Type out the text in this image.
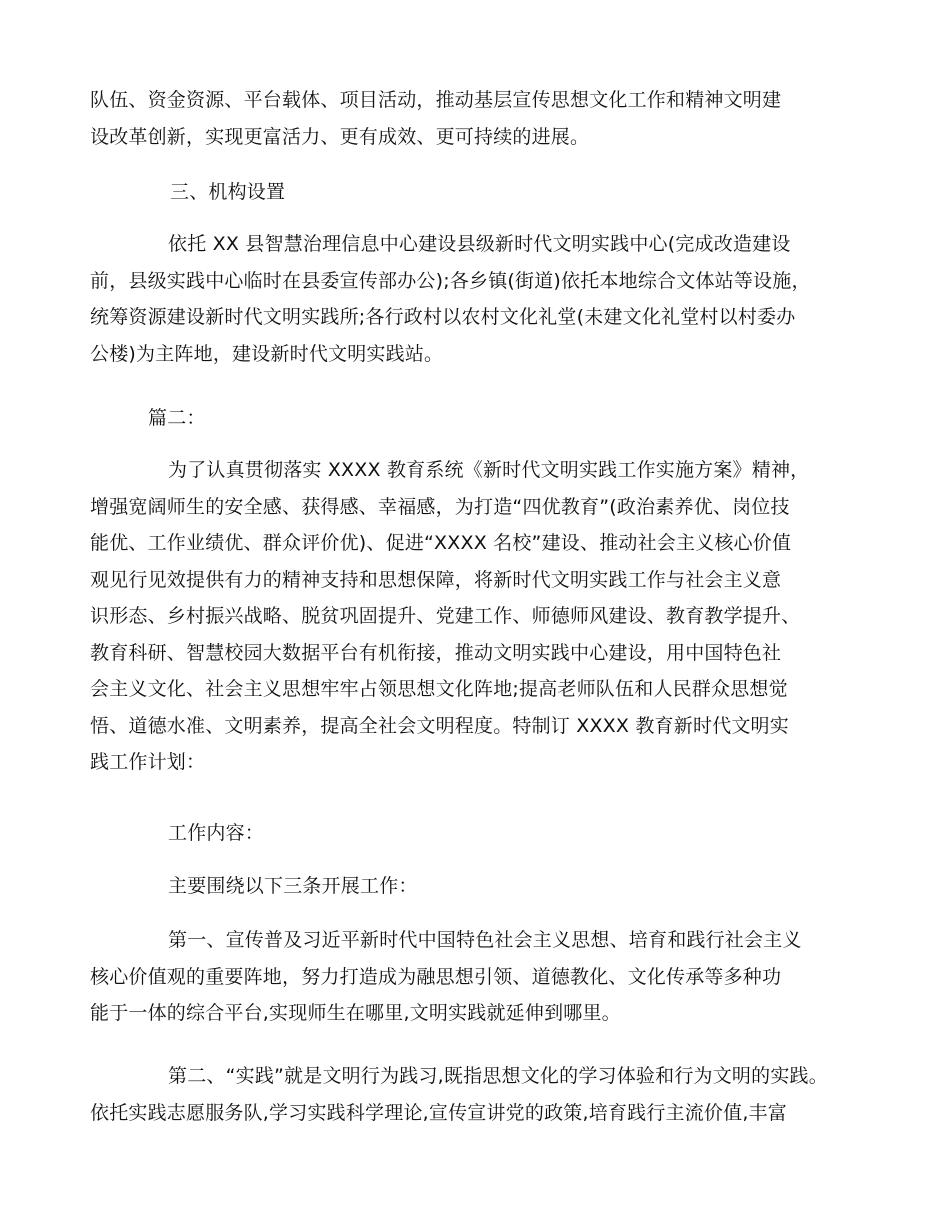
队伍、资金资源、平台载体、项目活动，推动基层宣传思想文化工作和精神文明建
设改革创新，实现更富活力、更有成效、更可持续的进展。
三、机构设置
依托 XX 县智慧治理信息中心建设县级新时代文明实践中心(完成改造建设
前，县级实践中心临时在县委宣传部办公);各乡镇(街道)依托本地综合文体站等设施，
统筹资源建设新时代文明实践所;各行政村以农村文化礼堂(未建文化礼堂村以村委办
公楼)为主阵地，建设新时代文明实践站。
篇二：
为了认真贯彻落实 XXXX 教育系统《新时代文明实践工作实施方案》精神，
增强宽阔师生的安全感、获得感、幸福感，为打造“四优教育”(政治素养优、岗位技
能优、工作业绩优、群众评价优)、促进“XXXX 名校”建设、推动社会主义核心价值
观见行见效提供有力的精神支持和思想保障，将新时代文明实践工作与社会主义意
识形态、乡村振兴战略、脱贫巩固提升、党建工作、师德师风建设、教育教学提升、
教育科研、智慧校园大数据平台有机衔接，推动文明实践中心建设，用中国特色社
会主义文化、社会主义思想牢牢占领思想文化阵地;提高老师队伍和人民群众思想觉
悟、道德水准、文明素养，提高全社会文明程度。特制订 XXXX 教育新时代文明实
践工作计划：
工作内容：
主要围绕以下三条开展工作：
第一、宣传普及习近平新时代中国特色社会主义思想、培育和践行社会主义
核心价值观的重要阵地，努力打造成为融思想引领、道德教化、文化传承等多种功
能于一体的综合平台,实现师生在哪里,文明实践就延伸到哪里。
第二、“实践”就是文明行为践习,既指思想文化的学习体验和行为文明的实践。
依托实践志愿服务队,学习实践科学理论,宣传宣讲党的政策,培育践行主流价值,丰富
